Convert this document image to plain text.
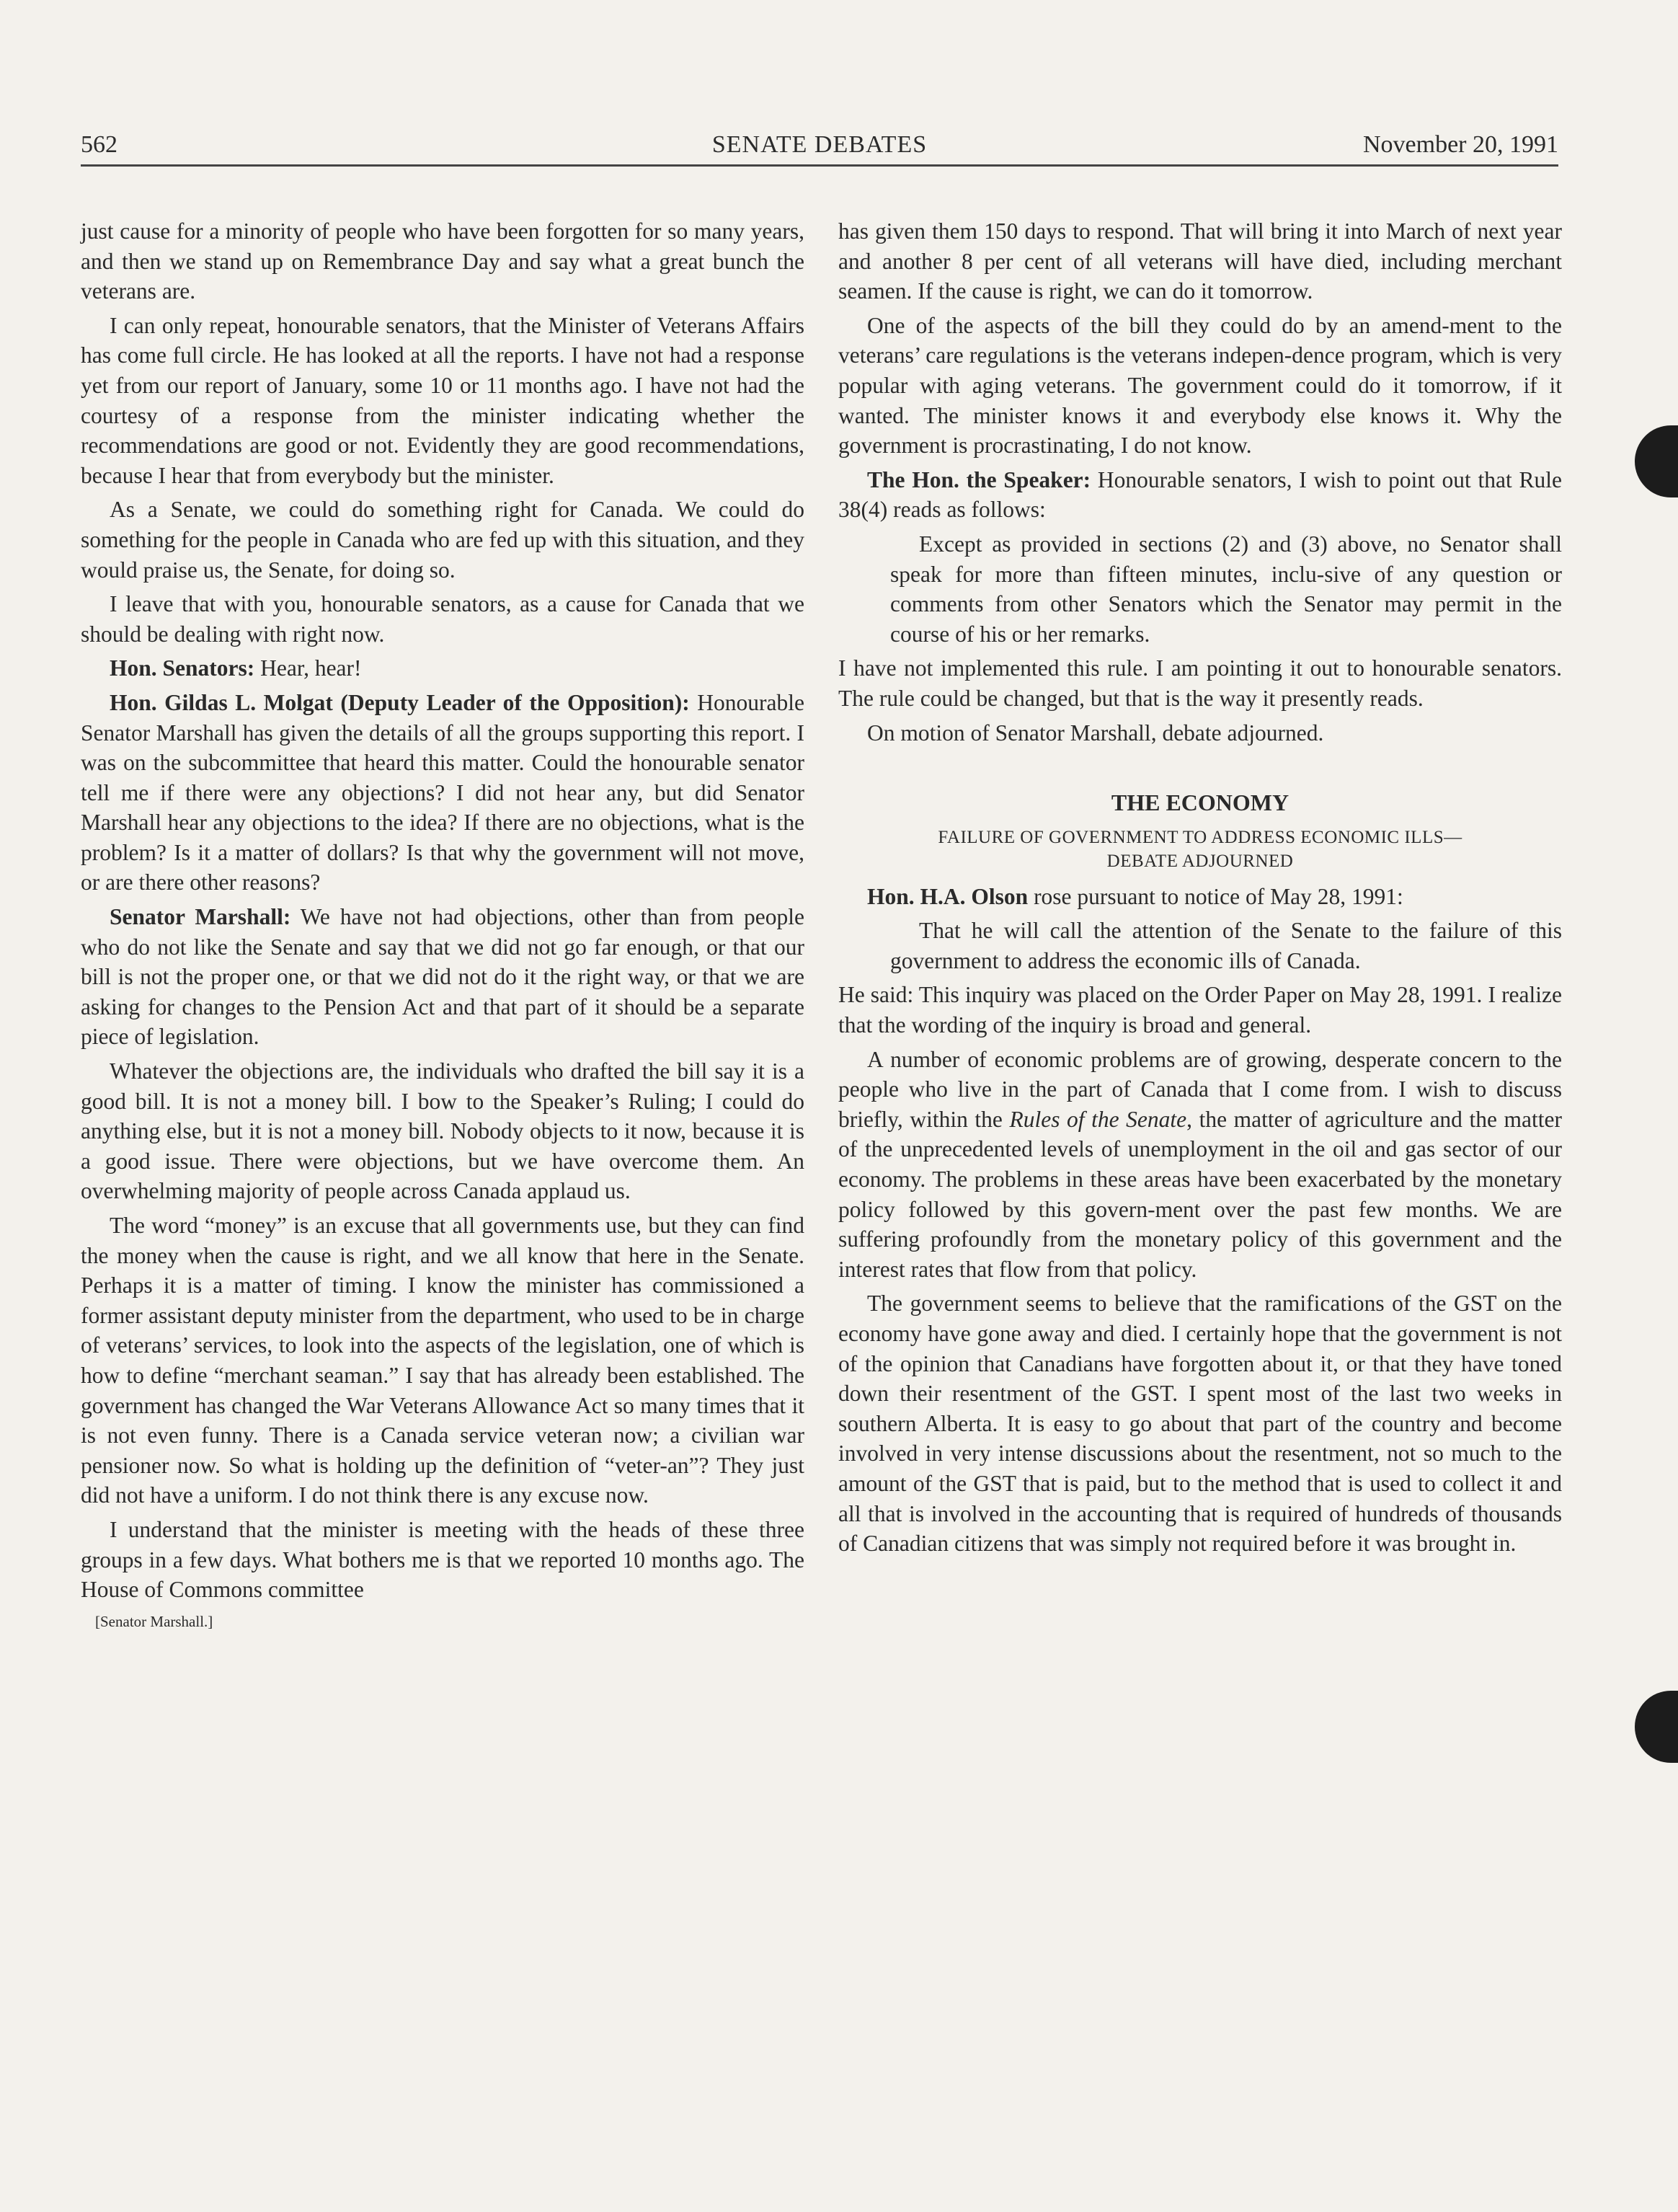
562	SENATE DEBATES	November 20, 1991

just cause for a minority of people who have been forgotten for so many years, and then we stand up on Remembrance Day and say what a great bunch the veterans are.

I can only repeat, honourable senators, that the Minister of Veterans Affairs has come full circle. He has looked at all the reports. I have not had a response yet from our report of January, some 10 or 11 months ago. I have not had the courtesy of a response from the minister indicating whether the recommendations are good or not. Evidently they are good recommendations, because I hear that from everybody but the minister.

As a Senate, we could do something right for Canada. We could do something for the people in Canada who are fed up with this situation, and they would praise us, the Senate, for doing so.

I leave that with you, honourable senators, as a cause for Canada that we should be dealing with right now.

Hon. Senators: Hear, hear!

Hon. Gildas L. Molgat (Deputy Leader of the Opposition): Honourable Senator Marshall has given the details of all the groups supporting this report. I was on the subcommittee that heard this matter. Could the honourable senator tell me if there were any objections? I did not hear any, but did Senator Marshall hear any objections to the idea? If there are no objections, what is the problem? Is it a matter of dollars? Is that why the government will not move, or are there other reasons?

Senator Marshall: We have not had objections, other than from people who do not like the Senate and say that we did not go far enough, or that our bill is not the proper one, or that we did not do it the right way, or that we are asking for changes to the Pension Act and that part of it should be a separate piece of legislation.

Whatever the objections are, the individuals who drafted the bill say it is a good bill. It is not a money bill. I bow to the Speaker’s Ruling; I could do anything else, but it is not a money bill. Nobody objects to it now, because it is a good issue. There were objections, but we have overcome them. An overwhelming majority of people across Canada applaud us.

The word “money” is an excuse that all governments use, but they can find the money when the cause is right, and we all know that here in the Senate. Perhaps it is a matter of timing. I know the minister has commissioned a former assistant deputy minister from the department, who used to be in charge of veterans’ services, to look into the aspects of the legislation, one of which is how to define “merchant seaman.” I say that has already been established. The government has changed the War Veterans Allowance Act so many times that it is not even funny. There is a Canada service veteran now; a civilian war pensioner now. So what is holding up the definition of “veter-an”? They just did not have a uniform. I do not think there is any excuse now.

I understand that the minister is meeting with the heads of these three groups in a few days. What bothers me is that we reported 10 months ago. The House of Commons committee

[Senator Marshall.]

has given them 150 days to respond. That will bring it into March of next year and another 8 per cent of all veterans will have died, including merchant seamen. If the cause is right, we can do it tomorrow.

One of the aspects of the bill they could do by an amend-ment to the veterans’ care regulations is the veterans indepen-dence program, which is very popular with aging veterans. The government could do it tomorrow, if it wanted. The minister knows it and everybody else knows it. Why the government is procrastinating, I do not know.

The Hon. the Speaker: Honourable senators, I wish to point out that Rule 38(4) reads as follows:

Except as provided in sections (2) and (3) above, no Senator shall speak for more than fifteen minutes, inclu-sive of any question or comments from other Senators which the Senator may permit in the course of his or her remarks.

I have not implemented this rule. I am pointing it out to honourable senators. The rule could be changed, but that is the way it presently reads.

On motion of Senator Marshall, debate adjourned.

THE ECONOMY
FAILURE OF GOVERNMENT TO ADDRESS ECONOMIC ILLS—
DEBATE ADJOURNED

Hon. H.A. Olson rose pursuant to notice of May 28, 1991:

That he will call the attention of the Senate to the failure of this government to address the economic ills of Canada.

He said: This inquiry was placed on the Order Paper on May 28, 1991. I realize that the wording of the inquiry is broad and general.

A number of economic problems are of growing, desperate concern to the people who live in the part of Canada that I come from. I wish to discuss briefly, within the Rules of the Senate, the matter of agriculture and the matter of the unprecedented levels of unemployment in the oil and gas sector of our economy. The problems in these areas have been exacerbated by the monetary policy followed by this govern-ment over the past few months. We are suffering profoundly from the monetary policy of this government and the interest rates that flow from that policy.

The government seems to believe that the ramifications of the GST on the economy have gone away and died. I certainly hope that the government is not of the opinion that Canadians have forgotten about it, or that they have toned down their resentment of the GST. I spent most of the last two weeks in southern Alberta. It is easy to go about that part of the country and become involved in very intense discussions about the resentment, not so much to the amount of the GST that is paid, but to the method that is used to collect it and all that is involved in the accounting that is required of hundreds of thousands of Canadian citizens that was simply not required before it was brought in.
